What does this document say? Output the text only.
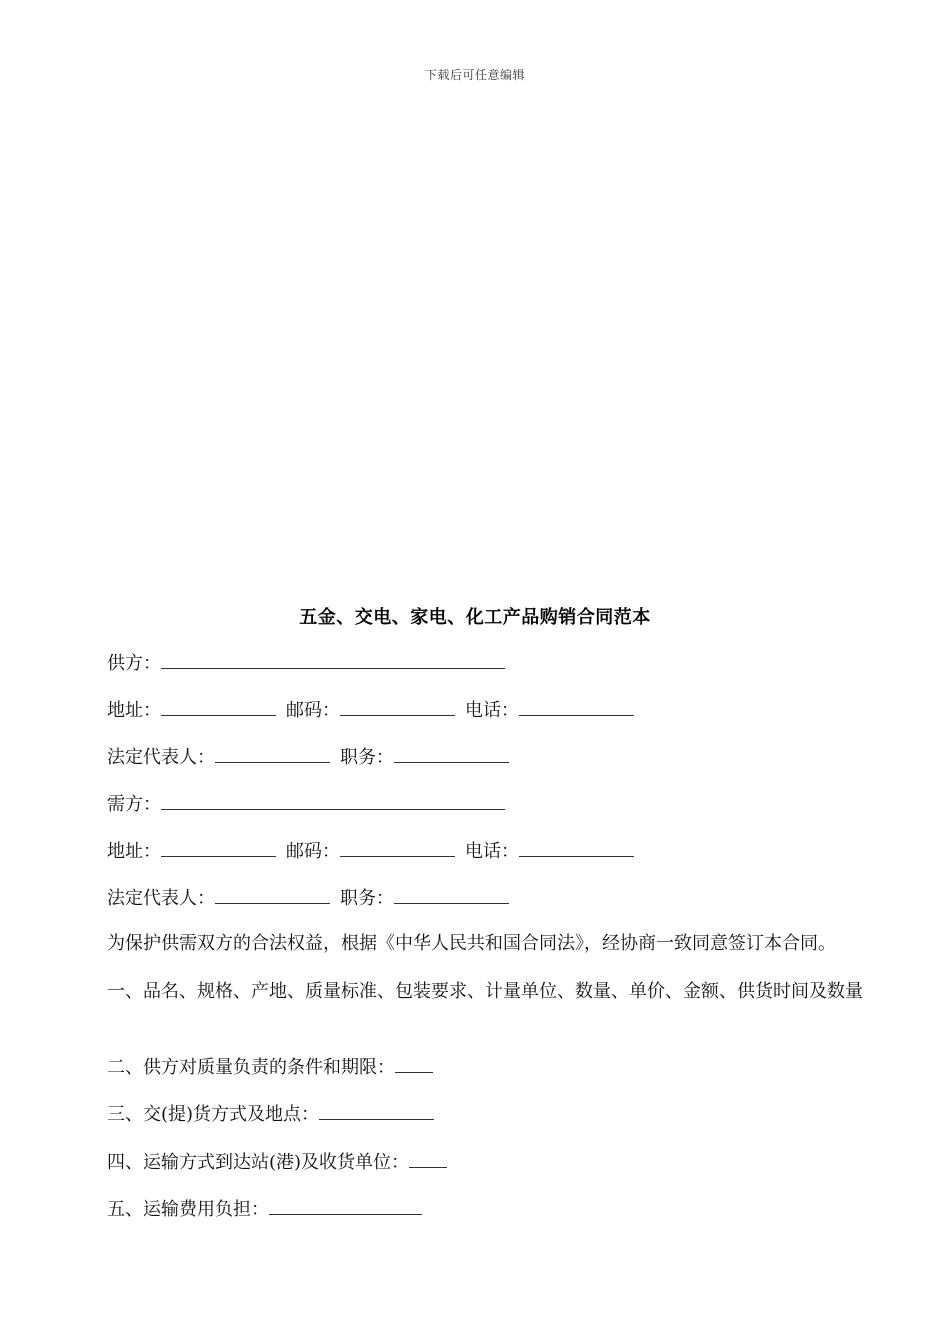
下载后可任意编辑
五金、交电、家电、化工产品购销合同范本
供方：
地址：	邮码：	电话：
法定代表人：	职务：
需方：
地址：	邮码：	电话：
法定代表人：	职务：
为保护供需双方的合法权益，根据《中华人民共和国合同法》，经协商一致同意签订本合同。
一、品名、规格、产地、质量标准、包装要求、计量单位、数量、单价、金额、供货时间及数量
二、供方对质量负责的条件和期限：
三、交(提)货方式及地点：
四、运输方式到达站(港)及收货单位：
五、运输费用负担：
